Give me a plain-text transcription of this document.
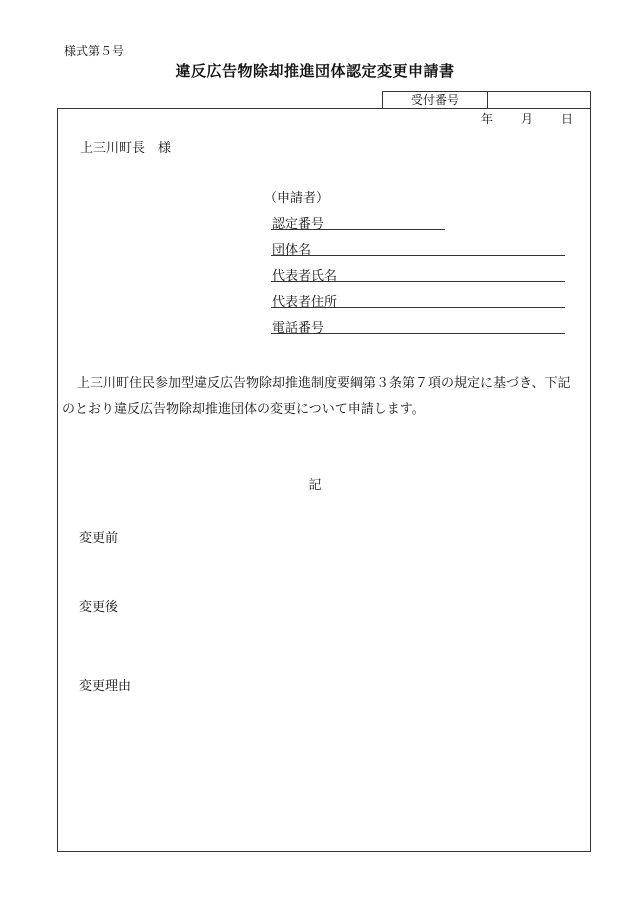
様式第５号
違反広告物除却推進団体認定変更申請書
受付番号
年 月 日
上三川町長　様
（申請者）
認定番号
団体名
代表者氏名
代表者住所
電話番号
上三川町住民参加型違反広告物除却推進制度要綱第３条第７項の規定に基づき、下記
のとおり違反広告物除却推進団体の変更について申請します。
記
変更前
変更後
変更理由
